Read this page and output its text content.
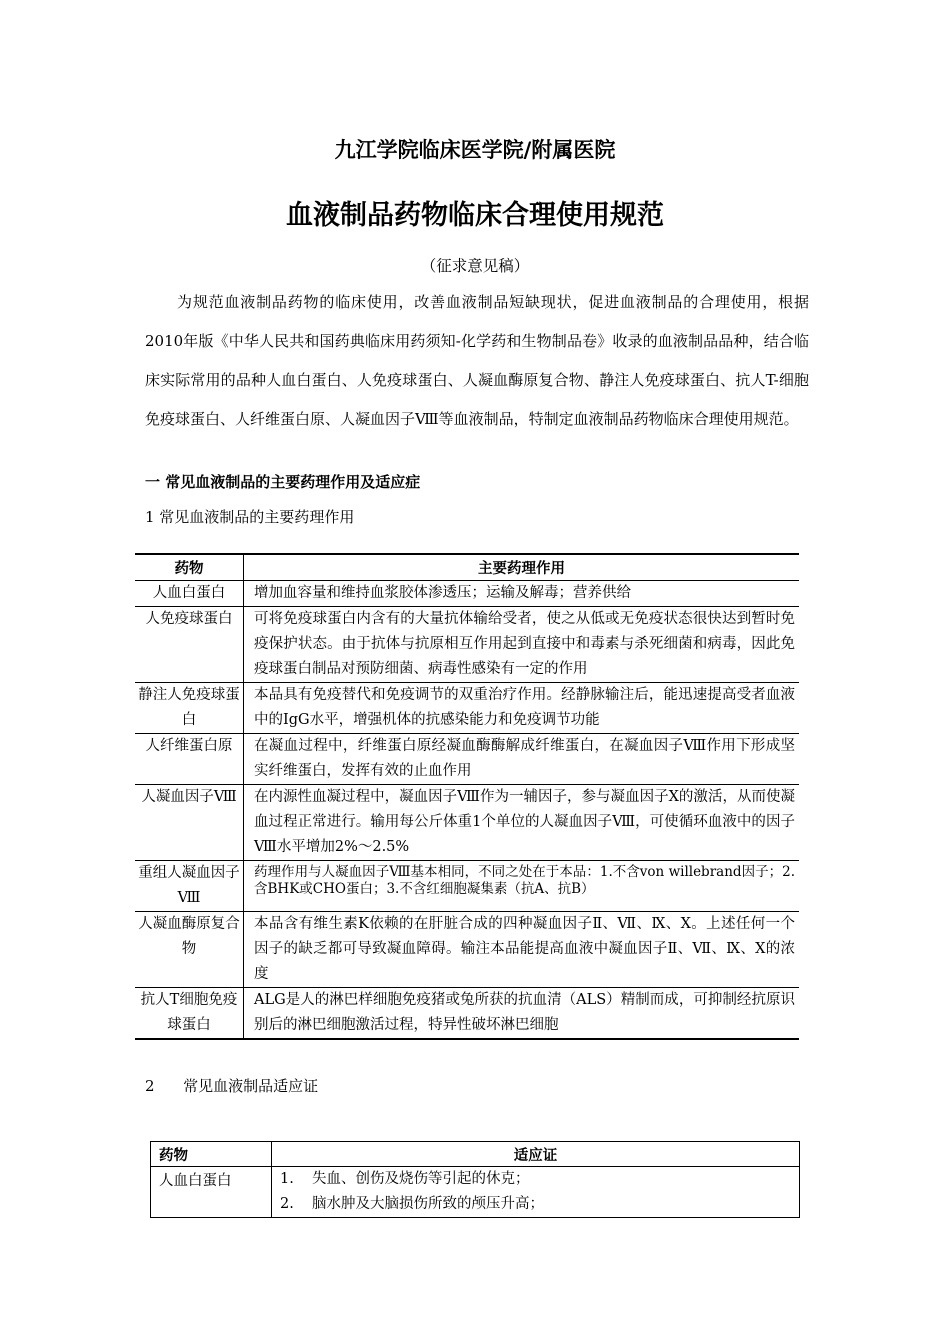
九江学院临床医学院/附属医院
血液制品药物临床合理使用规范
（征求意见稿）

为规范血液制品药物的临床使用，改善血液制品短缺现状，促进血液制品的合理使用，根据2010年版《中华人民共和国药典临床用药须知-化学药和生物制品卷》收录的血液制品品种，结合临床实际常用的品种人血白蛋白、人免疫球蛋白、人凝血酶原复合物、静注人免疫球蛋白、抗人T-细胞免疫球蛋白、人纤维蛋白原、人凝血因子Ⅷ等血液制品，特制定血液制品药物临床合理使用规范。

一 常见血液制品的主要药理作用及适应症
1 常见血液制品的主要药理作用
药物	主要药理作用
人血白蛋白	增加血容量和维持血浆胶体渗透压；运输及解毒；营养供给
人免疫球蛋白	可将免疫球蛋白内含有的大量抗体输给受者，使之从低或无免疫状态很快达到暂时免疫保护状态。由于抗体与抗原相互作用起到直接中和毒素与杀死细菌和病毒，因此免疫球蛋白制品对预防细菌、病毒性感染有一定的作用
静注人免疫球蛋白	本品具有免疫替代和免疫调节的双重治疗作用。经静脉输注后，能迅速提高受者血液中的IgG水平，增强机体的抗感染能力和免疫调节功能
人纤维蛋白原	在凝血过程中，纤维蛋白原经凝血酶酶解成纤维蛋白，在凝血因子Ⅷ作用下形成坚实纤维蛋白，发挥有效的止血作用
人凝血因子Ⅷ	在内源性血凝过程中，凝血因子Ⅷ作为一辅因子，参与凝血因子Ⅹ的激活，从而使凝血过程正常进行。输用每公斤体重1个单位的人凝血因子Ⅷ，可使循环血液中的因子Ⅷ水平增加2%～2.5%
重组人凝血因子Ⅷ	药理作用与人凝血因子Ⅷ基本相同，不同之处在于本品：1.不含von willebrand因子；2.含BHK或CHO蛋白；3.不含红细胞凝集素（抗A、抗B）
人凝血酶原复合物	本品含有维生素K依赖的在肝脏合成的四种凝血因子Ⅱ、Ⅶ、Ⅸ、Ⅹ。上述任何一个因子的缺乏都可导致凝血障碍。输注本品能提高血液中凝血因子Ⅱ、Ⅶ、Ⅸ、Ⅹ的浓度
抗人T细胞免疫球蛋白	ALG是人的淋巴样细胞免疫猪或兔所获的抗血清（ALS）精制而成，可抑制经抗原识别后的淋巴细胞激活过程，特异性破坏淋巴细胞
2      常见血液制品适应证
药物	适应证
人血白蛋白	1. 失血、创伤及烧伤等引起的休克；
2. 脑水肿及大脑损伤所致的颅压升高；
